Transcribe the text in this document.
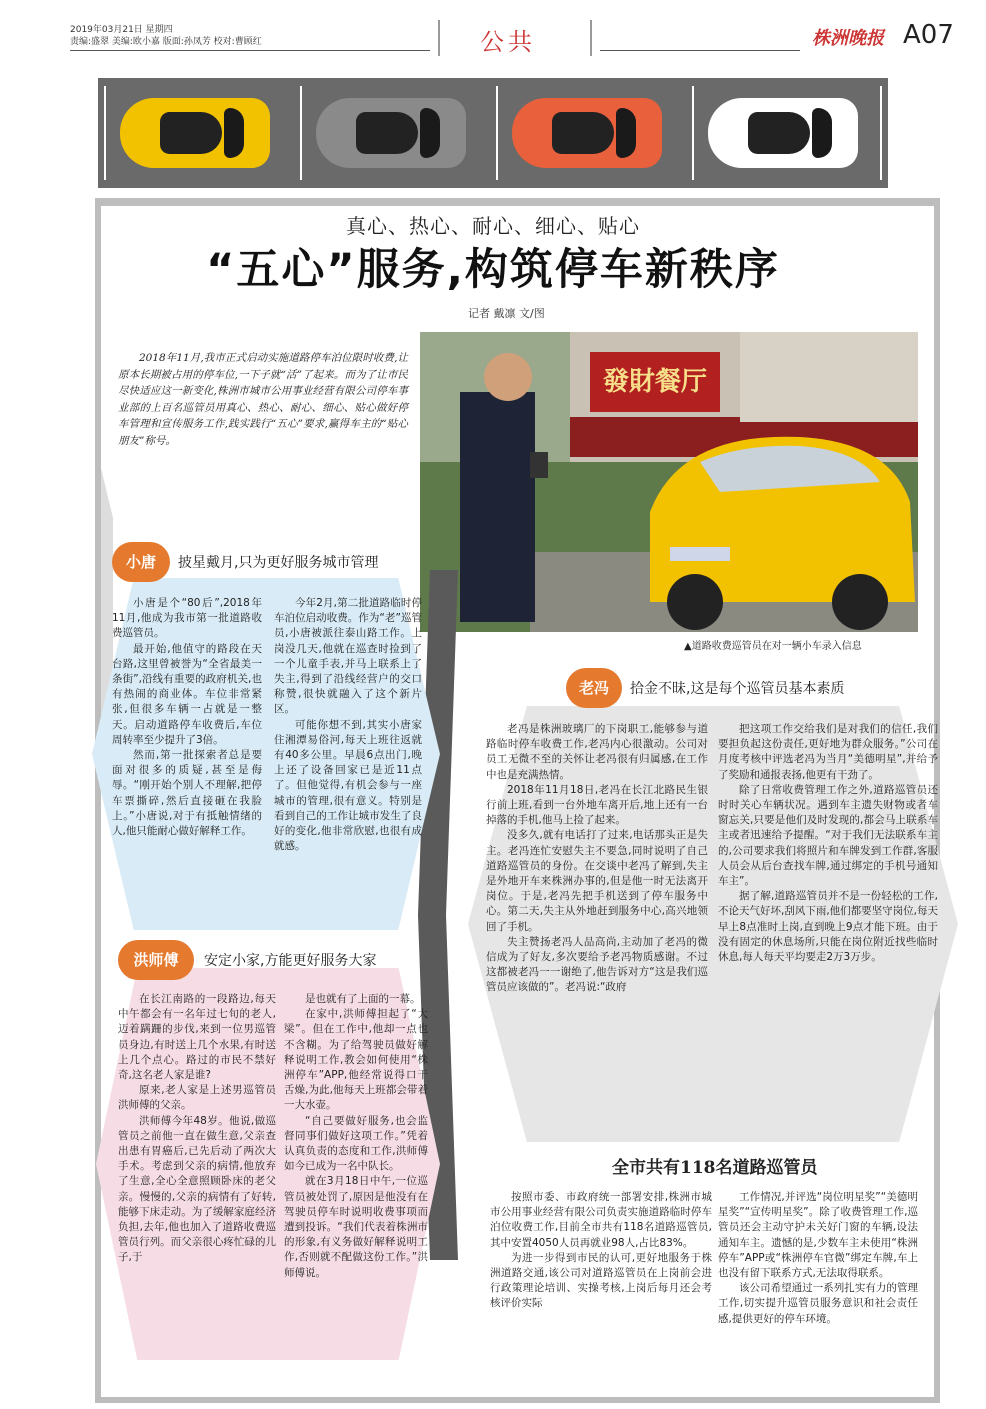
2019年03月21日 星期四
责编:盛翠 美编:欧小嘉 版面:孙凤芳 校对:曹顾红	公共	株洲晚报 A07
真心、热心、耐心、细心、贴心
“五心”服务,构筑停车新秩序
记者 戴凛 文/图

2018年11月,我市正式启动实施道路停车泊位限时收费,让原本长期被占用的停车位,一下子就“活”了起来。而为了让市民尽快适应这一新变化,株洲市城市公用事业经营有限公司停车事业部的上百名巡管员用真心、热心、耐心、细心、贴心做好停车管理和宣传服务工作,践实践行“五心”要求,赢得车主的“贴心朋友”称号。

發財餐厅
▲道路收费巡管员在对一辆小车录入信息
小唐	披星戴月,只为更好服务城市管理

小唐是个“80后”,2018年11月,他成为我市第一批道路收费巡管员。

最开始,他值守的路段在天台路,这里曾被誉为“全省最美一条街”,沿线有重要的政府机关,也有热闹的商业体。车位非常紧张,但很多车辆一占就是一整天。启动道路停车收费后,车位周转率至少提升了3倍。

然而,第一批探索者总是要面对很多的质疑,甚至是侮辱。“刚开始个别人不理解,把停车票撕碎,然后直接砸在我脸上。”小唐说,对于有抵触情绪的人,他只能耐心做好解释工作。

今年2月,第二批道路临时停车泊位启动收费。作为“老”巡管员,小唐被派往泰山路工作。上岗没几天,他就在巡查时捡到了一个儿童手表,并马上联系上了失主,得到了沿线经营户的交口称赞,很快就融入了这个新片区。

可能你想不到,其实小唐家住湘潭易俗河,每天上班往返就有40多公里。早晨6点出门,晚上还了设备回家已是近11点了。但他觉得,有机会参与一座城市的管理,很有意义。特别是看到自己的工作让城市发生了良好的变化,他非常欣慰,也很有成就感。

洪师傅	安定小家,方能更好服务大家

在长江南路的一段路边,每天中午都会有一名年过七旬的老人,迈着蹒跚的步伐,来到一位男巡管员身边,有时送上几个水果,有时送上几个点心。路过的市民不禁好奇,这名老人家是谁?

原来,老人家是上述男巡管员洪师傅的父亲。

洪师傅今年48岁。他说,做巡管员之前他一直在做生意,父亲查出患有胃癌后,已先后动了两次大手术。考虑到父亲的病情,他放弃了生意,全心全意照顾卧床的老父亲。慢慢的,父亲的病情有了好转,能够下床走动。为了缓解家庭经济负担,去年,他也加入了道路收费巡管员行列。而父亲很心疼忙碌的儿子,于

是也就有了上面的一幕。

在家中,洪师傅担起了“大梁”。但在工作中,他却一点也不含糊。为了给驾驶员做好解释说明工作,教会如何使用“株洲停车”APP,他经常说得口干舌燥,为此,他每天上班都会带着一大水壶。

“自己要做好服务,也会监督同事们做好这项工作。”凭着认真负责的态度和工作,洪师傅如今已成为一名中队长。

就在3月18日中午,一位巡管员被处罚了,原因是他没有在驾驶员停车时说明收费事项而遭到投诉。“我们代表着株洲市的形象,有义务做好解释说明工作,否则就不配做这份工作。”洪师傅说。

老冯	拾金不昧,这是每个巡管员基本素质

老冯是株洲玻璃厂的下岗职工,能够参与道路临时停车收费工作,老冯内心很激动。公司对员工无微不至的关怀让老冯很有归属感,在工作中也是充满热情。

2018年11月18日,老冯在长江北路民生银行前上班,看到一台外地车离开后,地上还有一台掉落的手机,他马上捡了起来。

没多久,就有电话打了过来,电话那头正是失主。老冯连忙安慰失主不要急,同时说明了自己道路巡管员的身份。在交谈中老冯了解到,失主是外地开车来株洲办事的,但是他一时无法离开岗位。于是,老冯先把手机送到了停车服务中心。第二天,失主从外地赶到服务中心,高兴地领回了手机。

失主赞扬老冯人品高尚,主动加了老冯的微信成为了好友,多次要给予老冯物质感谢。不过这都被老冯一一谢绝了,他告诉对方“这是我们巡管员应该做的”。老冯说:“政府

把这项工作交给我们是对我们的信任,我们要担负起这份责任,更好地为群众服务。”公司在月度考核中评选老冯为当月“美德明星”,并给予了奖励和通报表扬,他更有干劲了。

除了日常收费管理工作之外,道路巡管员还时时关心车辆状况。遇到车主遗失财物或者车窗忘关,只要是他们及时发现的,都会马上联系车主或者迅速给予提醒。“对于我们无法联系车主的,公司要求我们将照片和车牌发到工作群,客服人员会从后台查找车牌,通过绑定的手机号通知车主”。

据了解,道路巡管员并不是一份轻松的工作,不论天气好坏,刮风下雨,他们都要坚守岗位,每天早上8点准时上岗,直到晚上9点才能下班。由于没有固定的休息场所,只能在岗位附近找些临时休息,每人每天平均要走2万3万步。

全市共有118名道路巡管员

按照市委、市政府统一部署安排,株洲市城市公用事业经营有限公司负责实施道路临时停车泊位收费工作,目前全市共有118名道路巡管员,其中安置4050人员再就业98人,占比83%。

为进一步得到市民的认可,更好地服务于株洲道路交通,该公司对道路巡管员在上岗前会进行政策理论培训、实操考核,上岗后每月还会考核评价实际

工作情况,并评选“岗位明星奖”“美德明星奖”“宣传明星奖”。除了收费管理工作,巡管员还会主动守护未关好门窗的车辆,设法通知车主。遗憾的是,少数车主未使用“株洲停车”APP或“株洲停车官微”绑定车牌,车上也没有留下联系方式,无法取得联系。

该公司希望通过一系列扎实有力的管理工作,切实提升巡管员服务意识和社会责任感,提供更好的停车环境。
